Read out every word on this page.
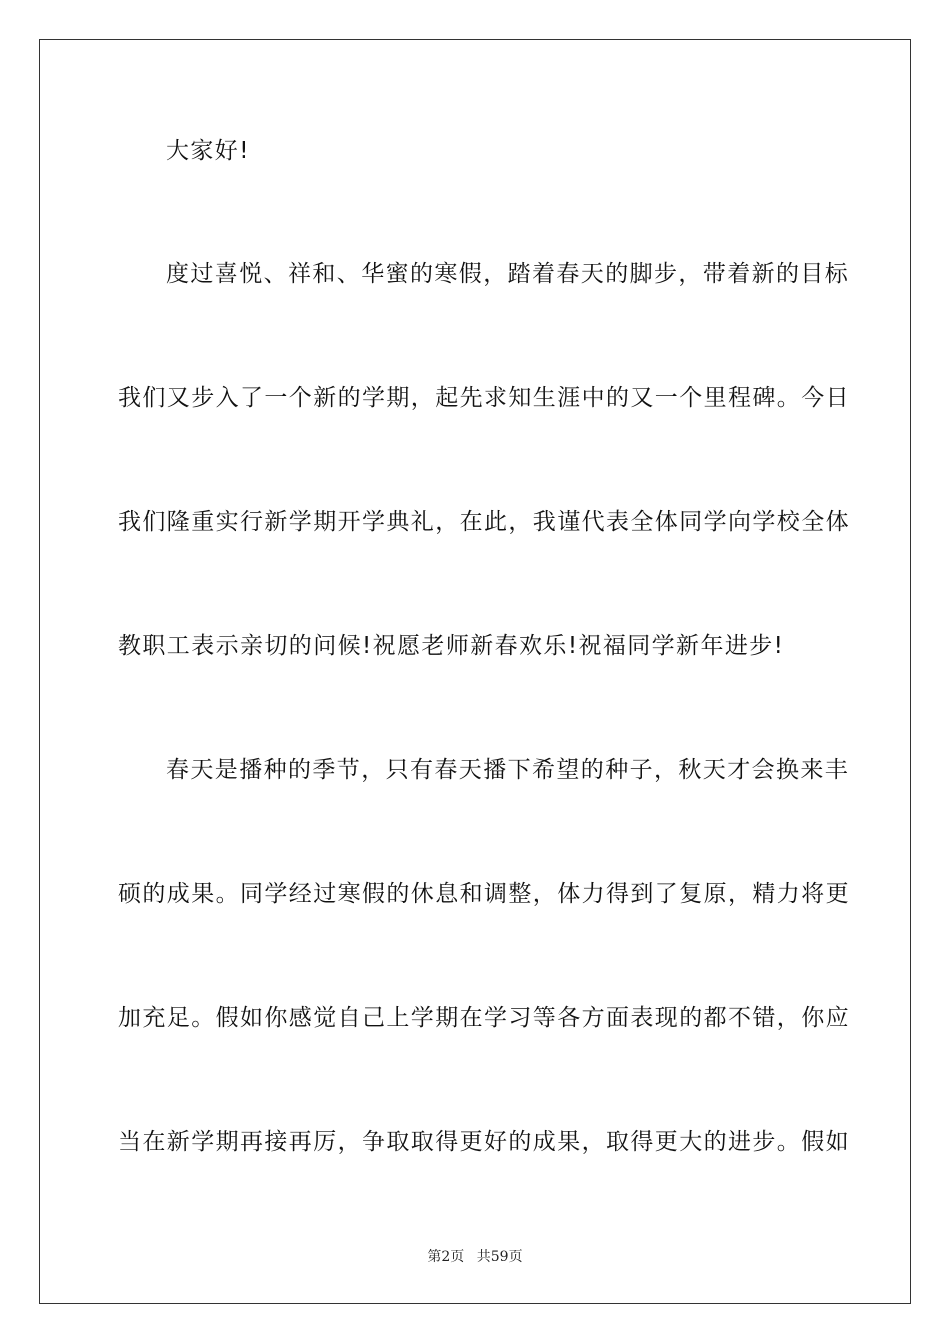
大家好!
度过喜悦、祥和、华蜜的寒假，踏着春天的脚步，带着新的目标
我们又步入了一个新的学期，起先求知生涯中的又一个里程碑。今日
我们隆重实行新学期开学典礼，在此，我谨代表全体同学向学校全体
教职工表示亲切的问候!祝愿老师新春欢乐!祝福同学新年进步!
春天是播种的季节，只有春天播下希望的种子，秋天才会换来丰
硕的成果。同学经过寒假的休息和调整，体力得到了复原，精力将更
加充足。假如你感觉自己上学期在学习等各方面表现的都不错，你应
当在新学期再接再厉，争取取得更好的成果，取得更大的进步。假如
第2页 共59页
